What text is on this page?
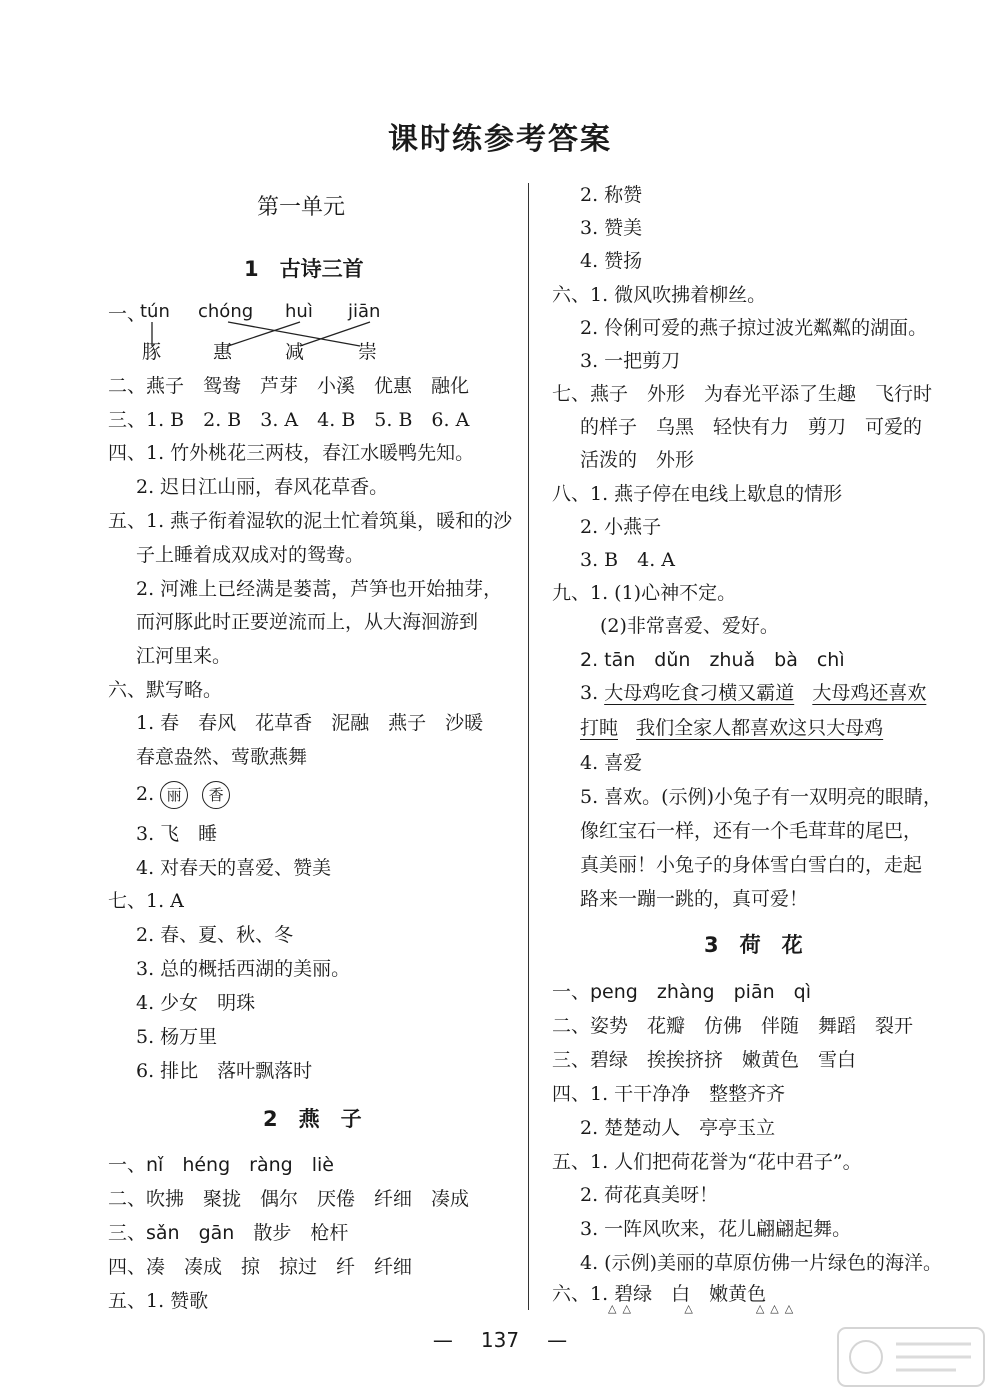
课时练参考答案
第一单元
1　古诗三首
一、
tún chóng huì jiān
豚	惠	减	崇
二、燕子　鸳鸯　芦芽　小溪　优惠　融化
三、1. B　2. B　3. A　4. B　5. B　6. A
四、1. 竹外桃花三两枝，春江水暖鸭先知。
2. 迟日江山丽，春风花草香。
五、1. 燕子衔着湿软的泥土忙着筑巢，暖和的沙
子上睡着成双成对的鸳鸯。
2. 河滩上已经满是蒌蒿，芦笋也开始抽芽，
而河豚此时正要逆流而上，从大海洄游到
江河里来。
六、默写略。
1. 春　春风　花草香　泥融　燕子　沙暖
春意盎然、莺歌燕舞
2. 丽 香
3. 飞　睡
4. 对春天的喜爱、赞美
七、1. A
2. 春、夏、秋、冬
3. 总的概括西湖的美丽。
4. 少女　明珠
5. 杨万里
6. 排比　落叶飘落时
2　燕　子
一、nǐ　héng　ràng　liè
二、吹拂　聚拢　偶尔　厌倦　纤细　凑成
三、sǎn　gān　散步　枪杆
四、凑　凑成　掠　掠过　纤　纤细
五、1. 赞歌
2. 称赞
3. 赞美
4. 赞扬
六、1. 微风吹拂着柳丝。
2. 伶俐可爱的燕子掠过波光粼粼的湖面。
3. 一把剪刀
七、燕子　外形　为春光平添了生趣　飞行时
的样子　乌黑　轻快有力　剪刀　可爱的
活泼的　外形
八、1. 燕子停在电线上歇息的情形
2. 小燕子
3. B　4. A
九、1. (1)心神不定。
(2)非常喜爱、爱好。
2. tān　dǔn　zhuǎ　bà　chì
3. 大母鸡吃食刁横又霸道 大母鸡还喜欢
打盹 我们全家人都喜欢这只大母鸡
4. 喜爱
5. 喜欢。(示例)小兔子有一双明亮的眼睛，
像红宝石一样，还有一个毛茸茸的尾巴，
真美丽！小兔子的身体雪白雪白的，走起
路来一蹦一跳的，真可爱！
3　荷　花
一、peng　zhàng　piān　qì
二、姿势　花瓣　仿佛　伴随　舞蹈　裂开
三、碧绿　挨挨挤挤　嫩黄色　雪白
四、1. 干干净净　整整齐齐
2. 楚楚动人　亭亭玉立
五、1. 人们把荷花誉为“花中君子”。
2. 荷花真美呀！
3. 一阵风吹来，花儿翩翩起舞。
4. (示例)美丽的草原仿佛一片绿色的海洋。
六、1. 碧绿　白　嫩黄色
△△     △      △△△
— 137 —
